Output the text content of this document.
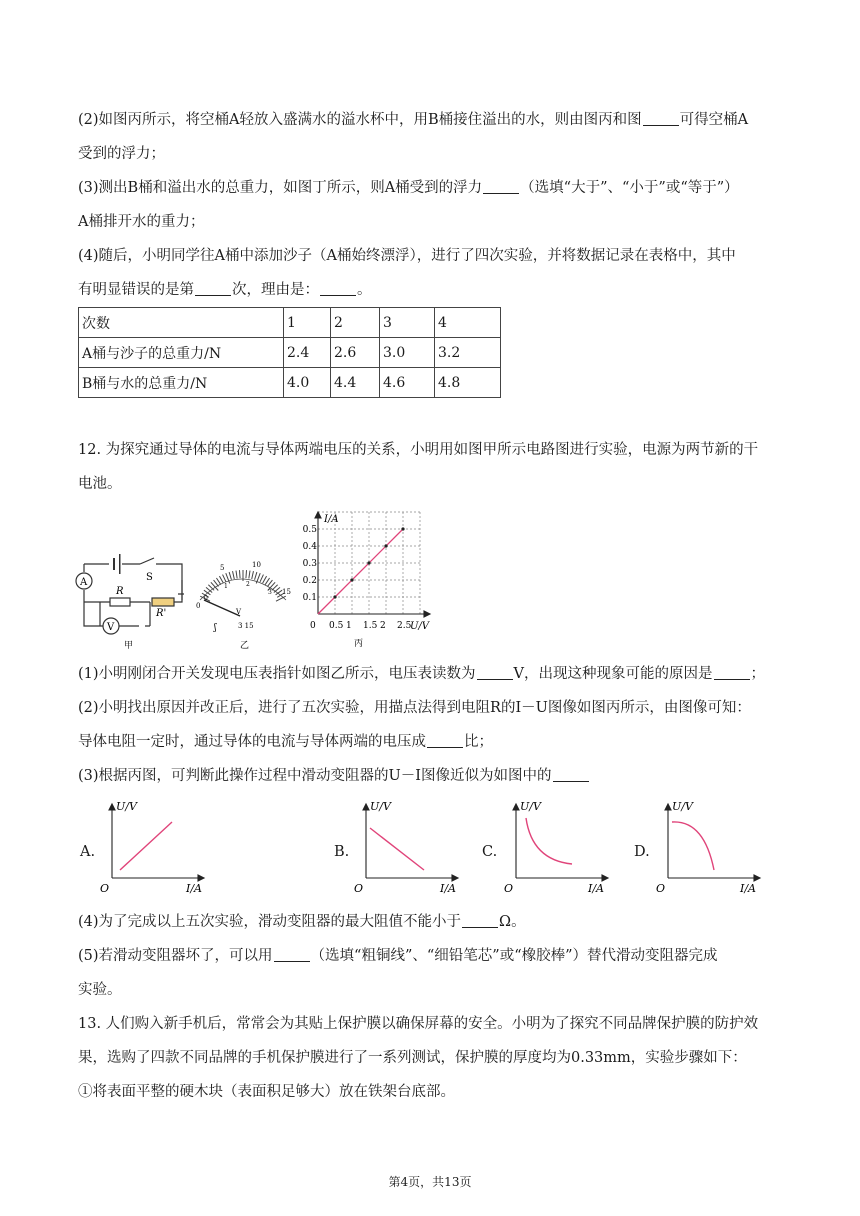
(2)如图丙所示，将空桶A轻放入盛满水的溢水杯中，用B桶接住溢出的水，则由图丙和图	可得空桶A
受到的浮力；
(3)测出B桶和溢出水的总重力，如图丁所示，则A桶受到的浮力	（选填“大于”、“小于”或“等于”）
A桶排开水的重力；
(4)随后，小明同学往A桶中添加沙子（A桶始终漂浮），进行了四次实验，并将数据记录在表格中，其中
有明显错误的是第	次，理由是：	。
次数	1	2	3	4
A桶与沙子的总重力/N	2.4	2.6	3.0	3.2
B桶与水的总重力/N	4.0	4.4	4.6	4.8
12. 为探究通过导体的电流与导体两端电压的关系，小明用如图甲所示电路图进行实验，电源为两节新的干
电池。
S
A
R
V
R'
甲
0
5	10
15
0
1	2
3
V
ʃ	3 15
乙
0.5 1 1.5 2 2.5
0.1
0.2
0.3
0.4
0.5
I/A
U/V
0
丙
(1)小明刚闭合开关发现电压表指针如图乙所示，电压表读数为	V，出现这种现象可能的原因是	；
(2)小明找出原因并改正后，进行了五次实验，用描点法得到电阻R的I－U图像如图丙所示，由图像可知：
导体电阻一定时，通过导体的电流与导体两端的电压成	比；
(3)根据丙图，可判断此操作过程中滑动变阻器的U－I图像近似为如图中的
A.	B.	C.	D.
U/V
I/A
O
U/V
I/A
O
U/V
I/A
O
U/V
I/A
O
(4)为了完成以上五次实验，滑动变阻器的最大阻值不能小于	Ω。
(5)若滑动变阻器坏了，可以用	（选填“粗铜线”、“细铅笔芯”或“橡胶棒”）替代滑动变阻器完成
实验。
13. 人们购入新手机后，常常会为其贴上保护膜以确保屏幕的安全。小明为了探究不同品牌保护膜的防护效
果，选购了四款不同品牌的手机保护膜进行了一系列测试，保护膜的厚度均为0.33mm，实验步骤如下：
①将表面平整的硬木块（表面积足够大）放在铁架台底部。
第4页，共13页
